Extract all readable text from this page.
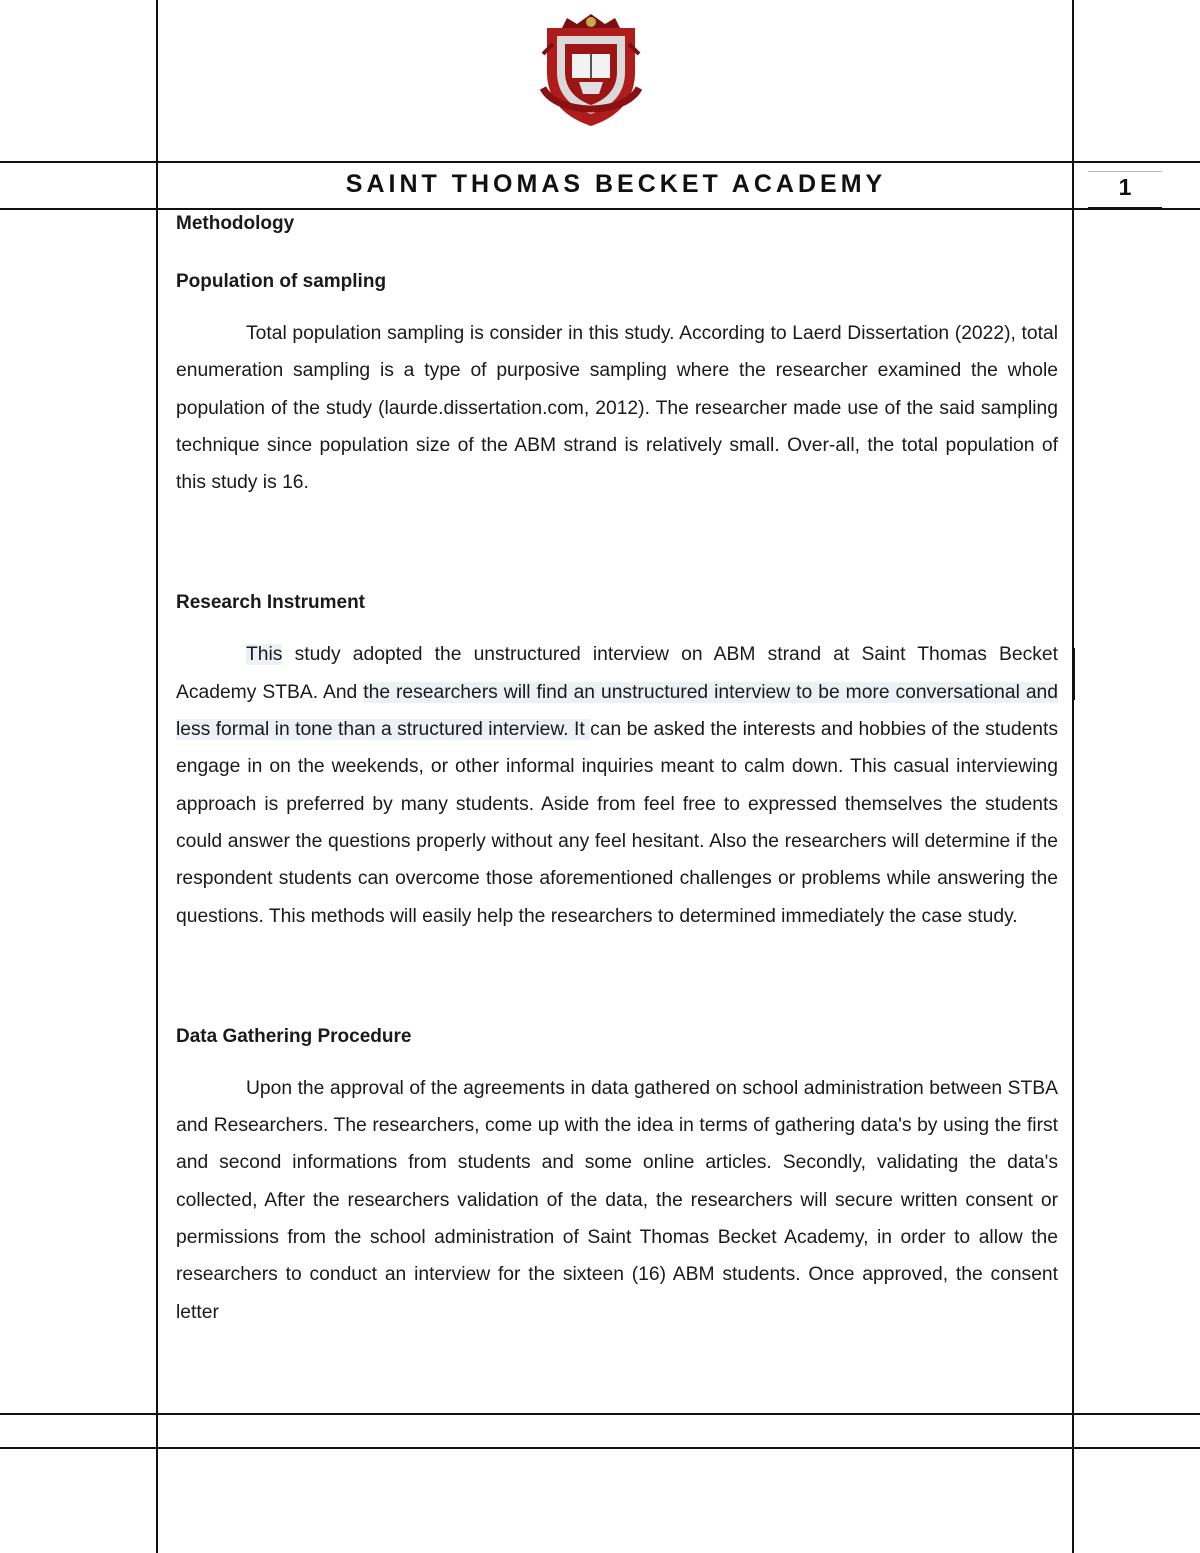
SAINT THOMAS BECKET ACADEMY	1

Methodology

Population of sampling

Total population sampling is consider in this study. According to Laerd Dissertation (2022), total enumeration sampling is a type of purposive sampling where the researcher examined the whole population of the study (laurde.dissertation.com, 2012). The researcher made use of the said sampling technique since population size of the ABM strand is relatively small. Over-all, the total population of this study is 16.

Research Instrument

This study adopted the unstructured interview on ABM strand at Saint Thomas Becket Academy STBA. And the researchers will find an unstructured interview to be more conversational and less formal in tone than a structured interview. It can be asked the interests and hobbies of the students engage in on the weekends, or other informal inquiries meant to calm down. This casual interviewing approach is preferred by many students. Aside from feel free to expressed themselves the students could answer the questions properly without any feel hesitant. Also the researchers will determine if the respondent students can overcome those aforementioned challenges or problems while answering the questions. This methods will easily help the researchers to determined immediately the case study.

Data Gathering Procedure

Upon the approval of the agreements in data gathered on school administration between STBA and Researchers. The researchers, come up with the idea in terms of gathering data's by using the first and second informations from students and some online articles. Secondly, validating the data's collected, After the researchers validation of the data, the researchers will secure written consent or permissions from the school administration of Saint Thomas Becket Academy, in order to allow the researchers to conduct an interview for the sixteen (16) ABM students. Once approved, the consent letter
